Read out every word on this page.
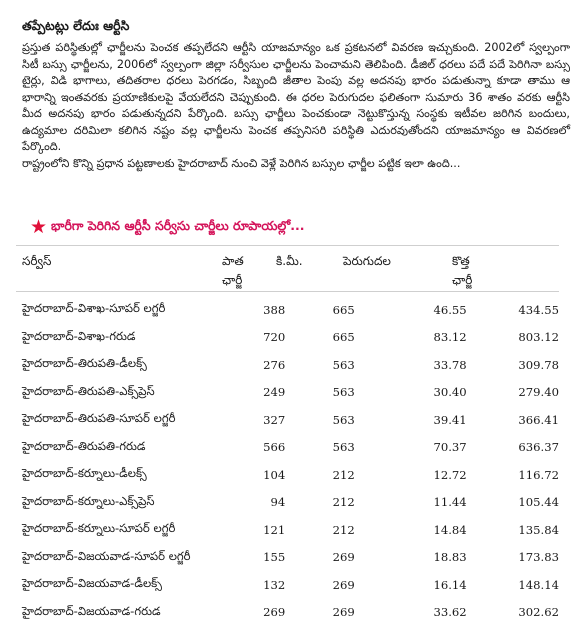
తప్పేటట్లు లేదుః ఆర్టీసి

ప్రస్తుత పరిస్థితుల్లో ఛార్జీలను పెంచక తప్పలేదని ఆర్టీసి యాజమాన్యం ఒక ప్రకటనలో వివరణ ఇచ్చుకుంది. 2002లో స్వల్పంగా సిటీ బస్సు ఛార్జీలను, 2006లో స్వల్పంగా జిల్లా సర్వీసుల ఛార్జీలను పెంచామని తెలిపింది. డీజిల్ ధరలు పదే పదే పెరిగినా బస్సు టైర్లు, విడి భాగాలు, తదితరాల ధరలు పెరగడం, సిబ్బంది జీతాల పెంపు వల్ల అదనపు భారం పడుతున్నా కూడా తాము ఆ భారాన్ని ఇంతవరకు ప్రయాణికులపై వేయలేదని చెప్పుకుంది. ఈ ధరల పెరుగుదల ఫలితంగా సుమారు 36 శాతం వరకు ఆర్టీసి మీద అదనపు భారం పడుతున్నదని పేర్కొంది. బస్సు ఛార్జీలు పెంచకుండా నెట్టుకొస్తున్న సంస్థకు ఇటీవల జరిగిన బందులు, ఉద్యమాల దరిమిలా కలిగిన నష్టం వల్ల ఛార్జీలను పెంచక తప్పనిసరి పరిస్థితి ఎదురవుతోందని యాజమాన్యం ఆ వివరణలో పేర్కొంది.

రాష్ట్రంలోని కొన్ని ప్రధాన పట్టణాలకు హైదరాబాద్ నుంచి వెళ్లే పెరిగిన బస్సుల ఛార్జీల పట్టిక ఇలా ఉంది...

★ భారీగా పెరిగిన ఆర్టీసీ సర్వీసు చార్జీలు రూపాయల్లో...
సర్వీస్	పాత
ఛార్జీ
కి.మీ.	పెరుగుదల	కొత్త
ఛార్జీ
హైదరాబాద్-విశాఖ-సూపర్ లగ్జరీ	388	665	46.55	434.55
హైదరాబాద్-విశాఖ-గరుడ	720	665	83.12	803.12
హైదరాబాద్-తిరుపతి-డీలక్స్	276	563	33.78	309.78
హైదరాబాద్-తిరుపతి-ఎక్స్‌ప్రెస్	249	563	30.40	279.40
హైదరాబాద్-తిరుపతి-సూపర్ లగ్జరీ	327	563	39.41	366.41
హైదరాబాద్-తిరుపతి-గరుడ	566	563	70.37	636.37
హైదరాబాద్-కర్నూలు-డీలక్స్	104	212	12.72	116.72
హైదరాబాద్-కర్నూలు-ఎక్స్‌ప్రెస్	94	212	11.44	105.44
హైదరాబాద్-కర్నూలు-సూపర్ లగ్జరీ	121	212	14.84	135.84
హైదరాబాద్-విజయవాడ-సూపర్ లగ్జరీ	155	269	18.83	173.83
హైదరాబాద్-విజయవాడ-డీలక్స్	132	269	16.14	148.14
హైదరాబాద్-విజయవాడ-గరుడ	269	269	33.62	302.62
